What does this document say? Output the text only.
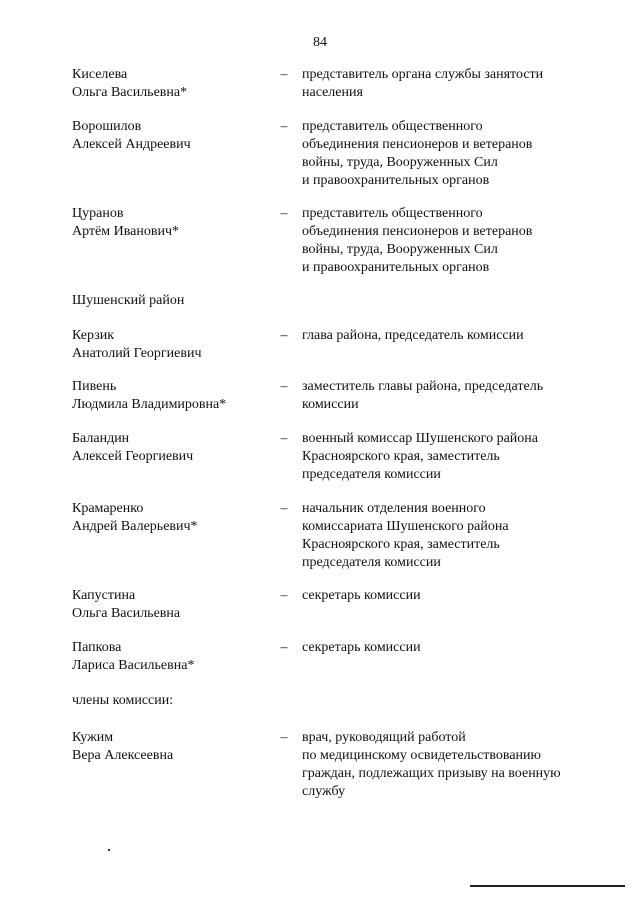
84
Киселева
Ольга Васильевна*
– представитель органа службы занятости
населения
Ворошилов
Алексей Андреевич
– представитель общественного
объединения пенсионеров и ветеранов
войны, труда, Вооруженных Сил
и правоохранительных органов
Цуранов
Артём Иванович*
– представитель общественного
объединения пенсионеров и ветеранов
войны, труда, Вооруженных Сил
и правоохранительных органов
Шушенский район
Керзик
Анатолий Георгиевич
– глава района, председатель комиссии
Пивень
Людмила Владимировна*
– заместитель главы района, председатель
комиссии
Баландин
Алексей Георгиевич
– военный комиссар Шушенского района
Красноярского края, заместитель
председателя комиссии
Крамаренко
Андрей Валерьевич*
– начальник отделения военного
комиссариата Шушенского района
Красноярского края, заместитель
председателя комиссии
Капустина
Ольга Васильевна
– секретарь комиссии
Папкова
Лариса Васильевна*
– секретарь комиссии
члены комиссии:
Кужим
Вера Алексеевна
– врач, руководящий работой
по медицинскому освидетельствованию
граждан, подлежащих призыву на военную
службу
